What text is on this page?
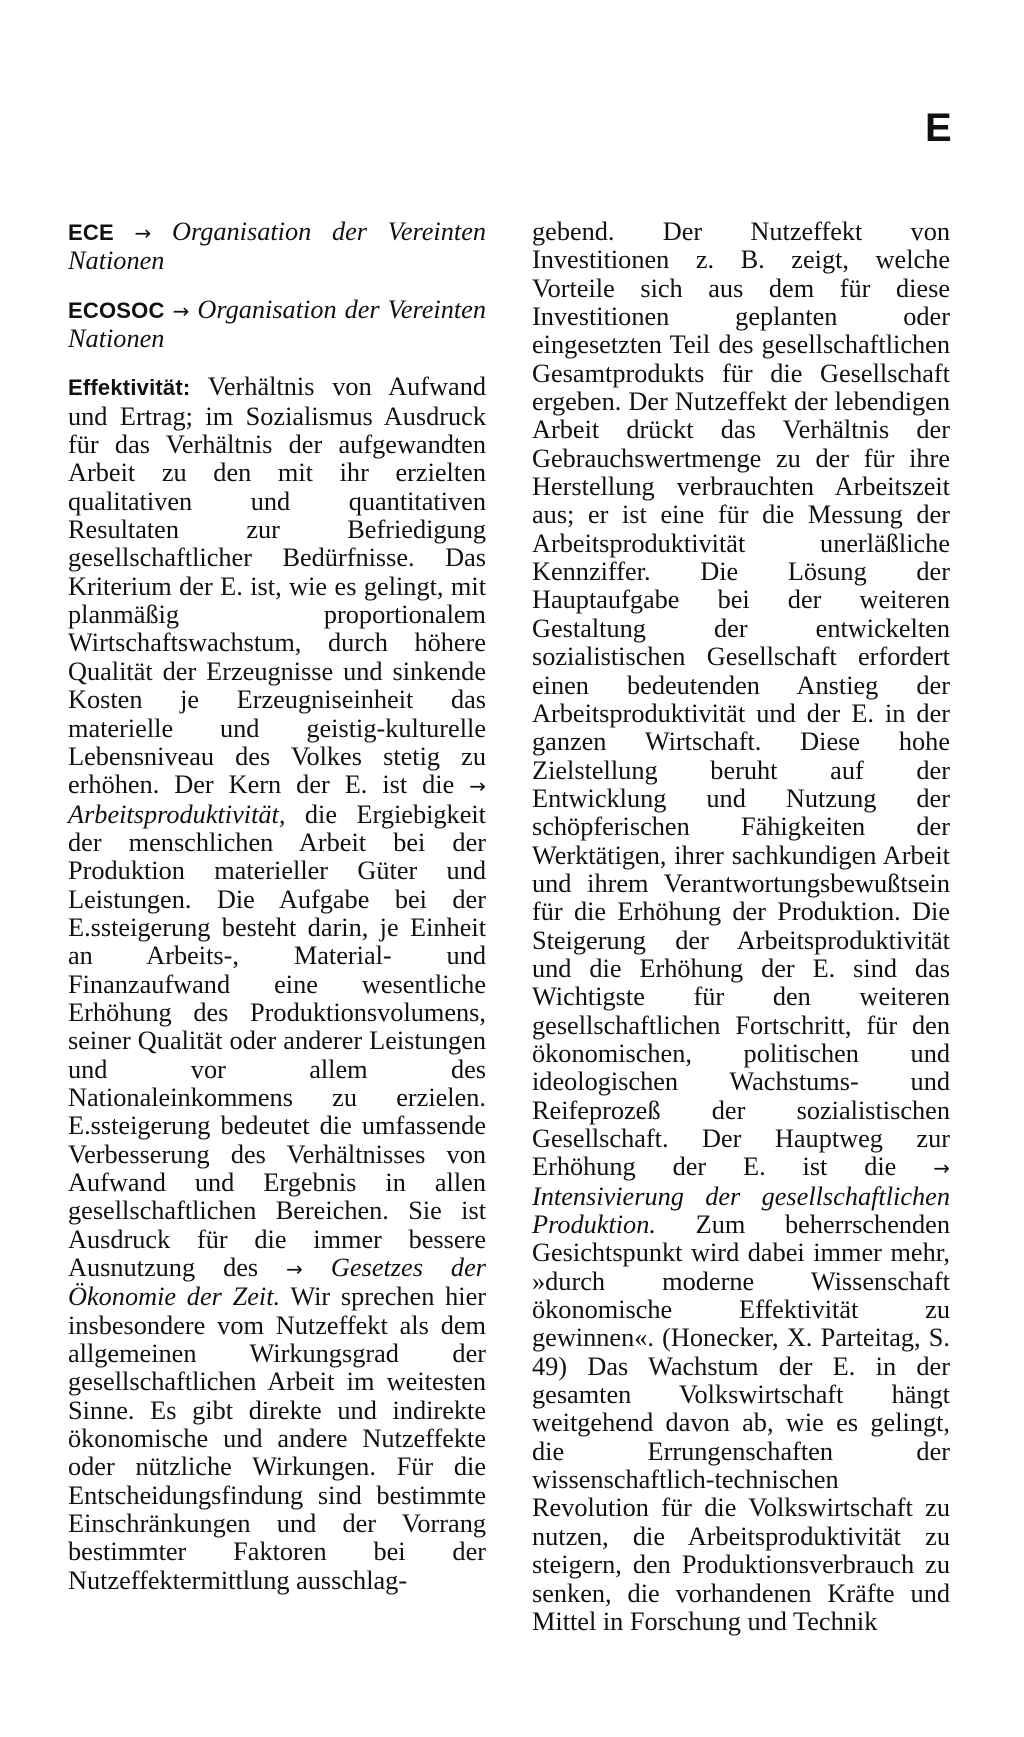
E

ECE → Organisation der Vereinten Nationen

ECOSOC → Organisation der Vereinten Nationen

Effektivität: Verhältnis von Aufwand und Ertrag; im Sozialismus Ausdruck für das Verhältnis der aufgewandten Arbeit zu den mit ihr erzielten qualitativen und quantitativen Resultaten zur Befriedigung gesellschaftlicher Bedürfnisse. Das Kriterium der E. ist, wie es gelingt, mit planmäßig proportionalem Wirtschaftswachstum, durch höhere Qualität der Erzeugnisse und sinkende Kosten je Erzeugniseinheit das materielle und geistig-kulturelle Lebensniveau des Volkes stetig zu erhöhen. Der Kern der E. ist die → Arbeitsproduktivität, die Ergiebigkeit der menschlichen Arbeit bei der Produktion materieller Güter und Leistungen. Die Aufgabe bei der E.ssteigerung besteht darin, je Einheit an Arbeits-, Material- und Finanzaufwand eine wesentliche Erhöhung des Produktionsvolumens, seiner Qualität oder anderer Leistungen und vor allem des Nationaleinkommens zu erzielen. E.ssteigerung bedeutet die umfassende Verbesserung des Verhältnisses von Aufwand und Ergebnis in allen gesellschaftlichen Bereichen. Sie ist Ausdruck für die immer bessere Ausnutzung des → Gesetzes der Ökonomie der Zeit. Wir sprechen hier insbesondere vom Nutzeffekt als dem allgemeinen Wirkungsgrad der gesellschaftlichen Arbeit im weitesten Sinne. Es gibt direkte und indirekte ökonomische und andere Nutzeffekte oder nützliche Wirkungen. Für die Entscheidungsfindung sind bestimmte Einschränkungen und der Vorrang bestimmter Faktoren bei der Nutzeffektermittlung ausschlag-

gebend. Der Nutzeffekt von Investitionen z. B. zeigt, welche Vorteile sich aus dem für diese Investitionen geplanten oder eingesetzten Teil des gesellschaftlichen Gesamtprodukts für die Gesellschaft ergeben. Der Nutzeffekt der lebendigen Arbeit drückt das Verhältnis der Gebrauchswertmenge zu der für ihre Herstellung verbrauchten Arbeitszeit aus; er ist eine für die Messung der Arbeitsproduktivität unerläßliche Kennziffer. Die Lösung der Hauptaufgabe bei der weiteren Gestaltung der entwickelten sozialistischen Gesellschaft erfordert einen bedeutenden Anstieg der Arbeitsproduktivität und der E. in der ganzen Wirtschaft. Diese hohe Zielstellung beruht auf der Entwicklung und Nutzung der schöpferischen Fähigkeiten der Werktätigen, ihrer sachkundigen Arbeit und ihrem Verantwortungsbewußtsein für die Erhöhung der Produktion. Die Steigerung der Arbeitsproduktivität und die Erhöhung der E. sind das Wichtigste für den weiteren gesellschaftlichen Fortschritt, für den ökonomischen, politischen und ideologischen Wachstums- und Reifeprozeß der sozialistischen Gesellschaft. Der Hauptweg zur Erhöhung der E. ist die → Intensivierung der gesellschaftlichen Produktion. Zum beherrschenden Gesichtspunkt wird dabei immer mehr, »durch moderne Wissenschaft ökonomische Effektivität zu gewinnen«. (Honecker, X. Parteitag, S. 49) Das Wachstum der E. in der gesamten Volkswirtschaft hängt weitgehend davon ab, wie es gelingt, die Errungenschaften der wissenschaftlich-technischen Revolution für die Volkswirtschaft zu nutzen, die Arbeitsproduktivität zu steigern, den Produktionsverbrauch zu senken, die vorhandenen Kräfte und Mittel in Forschung und Technik
